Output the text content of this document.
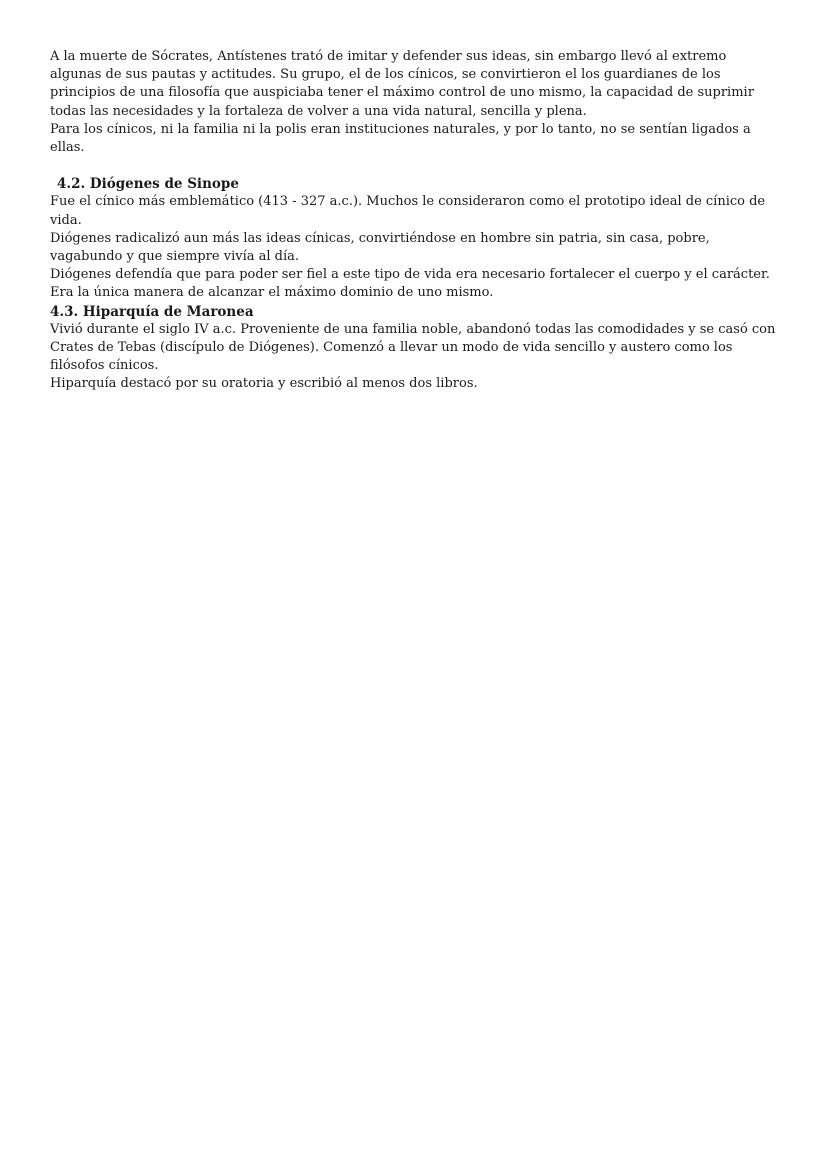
A la muerte de Sócrates, Antístenes trató de imitar y defender sus ideas, sin embargo llevó al extremo algunas de sus pautas y actitudes. Su grupo, el de los cínicos, se convirtieron el los guardianes de los principios de una filosofía que auspiciaba tener el máximo control de uno mismo, la capacidad de suprimir todas las necesidades y la fortaleza de volver a una vida natural, sencilla y plena.

Para los cínicos, ni la familia ni la polis eran instituciones naturales, y por lo tanto, no se sentían ligados a ellas.

4.2. Diógenes de Sinope

Fue el cínico más emblemático (413 - 327 a.c.). Muchos le consideraron como el prototipo ideal de cínico de vida.

Diógenes radicalizó aun más las ideas cínicas, convirtiéndose en hombre sin patria, sin casa, pobre, vagabundo y que siempre vivía al día.

Diógenes defendía que para poder ser fiel a este tipo de vida era necesario fortalecer el cuerpo y el carácter. Era la única manera de alcanzar el máximo dominio de uno mismo.

4.3. Hiparquía de Maronea

Vivió durante el siglo IV a.c. Proveniente de una familia noble, abandonó todas las comodidades y se casó con Crates de Tebas (discípulo de Diógenes). Comenzó a llevar un modo de vida sencillo y austero como los filósofos cínicos.

Hiparquía destacó por su oratoria y escribió al menos dos libros.
